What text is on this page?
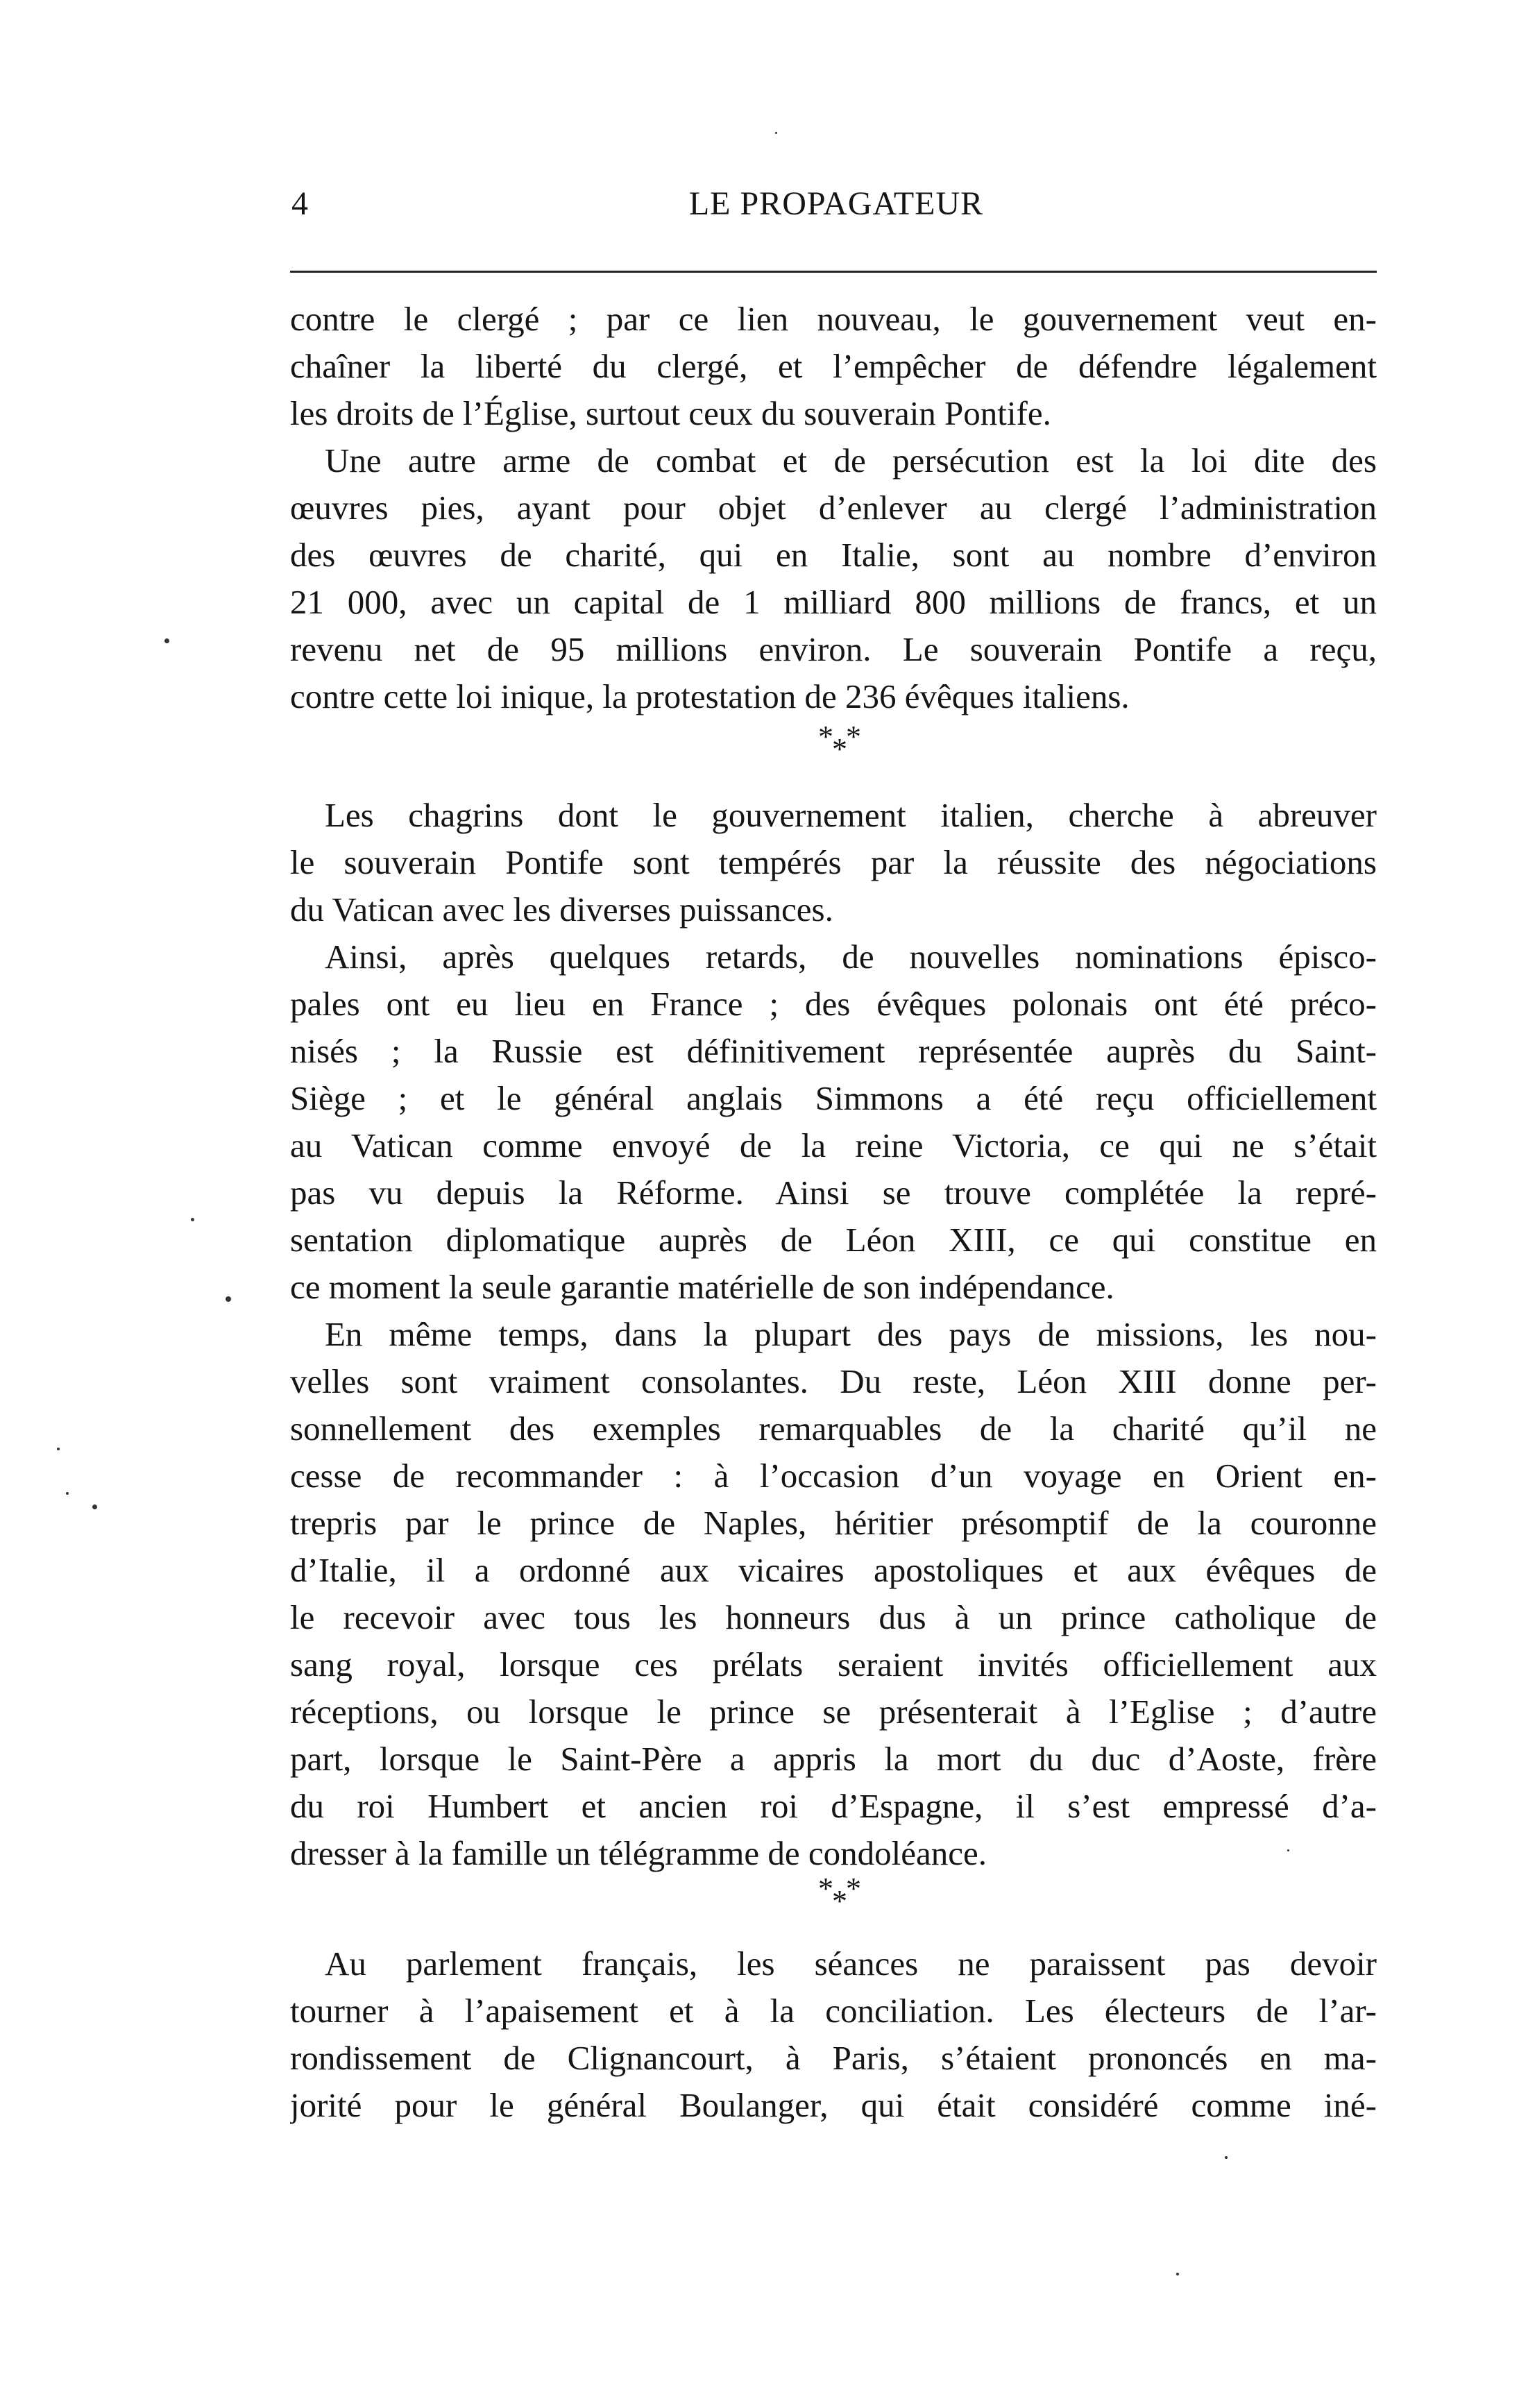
4	LE PROPAGATEUR
contre le clergé ; par ce lien nouveau, le gouvernement veut en-
chaîner la liberté du clergé, et l’empêcher de défendre légalement
les droits de l’Église, surtout ceux du souverain Pontife.
Une autre arme de combat et de persécution est la loi dite des
œuvres pies, ayant pour objet d’enlever au clergé l’administration
des œuvres de charité, qui en Italie, sont au nombre d’environ
21 000, avec un capital de 1 milliard 800 millions de francs, et un
revenu net de 95 millions environ. Le souverain Pontife a reçu,
contre cette loi inique, la protestation de 236 évêques italiens.
***
Les chagrins dont le gouvernement italien, cherche à abreuver
le souverain Pontife sont tempérés par la réussite des négociations
du Vatican avec les diverses puissances.
Ainsi, après quelques retards, de nouvelles nominations épisco-
pales ont eu lieu en France ; des évêques polonais ont été préco-
nisés ; la Russie est définitivement représentée auprès du Saint-
Siège ; et le général anglais Simmons a été reçu officiellement
au Vatican comme envoyé de la reine Victoria, ce qui ne s’était
pas vu depuis la Réforme. Ainsi se trouve complétée la repré-
sentation diplomatique auprès de Léon XIII, ce qui constitue en
ce moment la seule garantie matérielle de son indépendance.
En même temps, dans la plupart des pays de missions, les nou-
velles sont vraiment consolantes. Du reste, Léon XIII donne per-
sonnellement des exemples remarquables de la charité qu’il ne
cesse de recommander : à l’occasion d’un voyage en Orient en-
trepris par le prince de Naples, héritier présomptif de la couronne
d’Italie, il a ordonné aux vicaires apostoliques et aux évêques de
le recevoir avec tous les honneurs dus à un prince catholique de
sang royal, lorsque ces prélats seraient invités officiellement aux
réceptions, ou lorsque le prince se présenterait à l’Eglise ; d’autre
part, lorsque le Saint-Père a appris la mort du duc d’Aoste, frère
du roi Humbert et ancien roi d’Espagne, il s’est empressé d’a-
dresser à la famille un télégramme de condoléance.
***
Au parlement français, les séances ne paraissent pas devoir
tourner à l’apaisement et à la conciliation. Les électeurs de l’ar-
rondissement de Clignancourt, à Paris, s’étaient prononcés en ma-
jorité pour le général Boulanger, qui était considéré comme iné-
